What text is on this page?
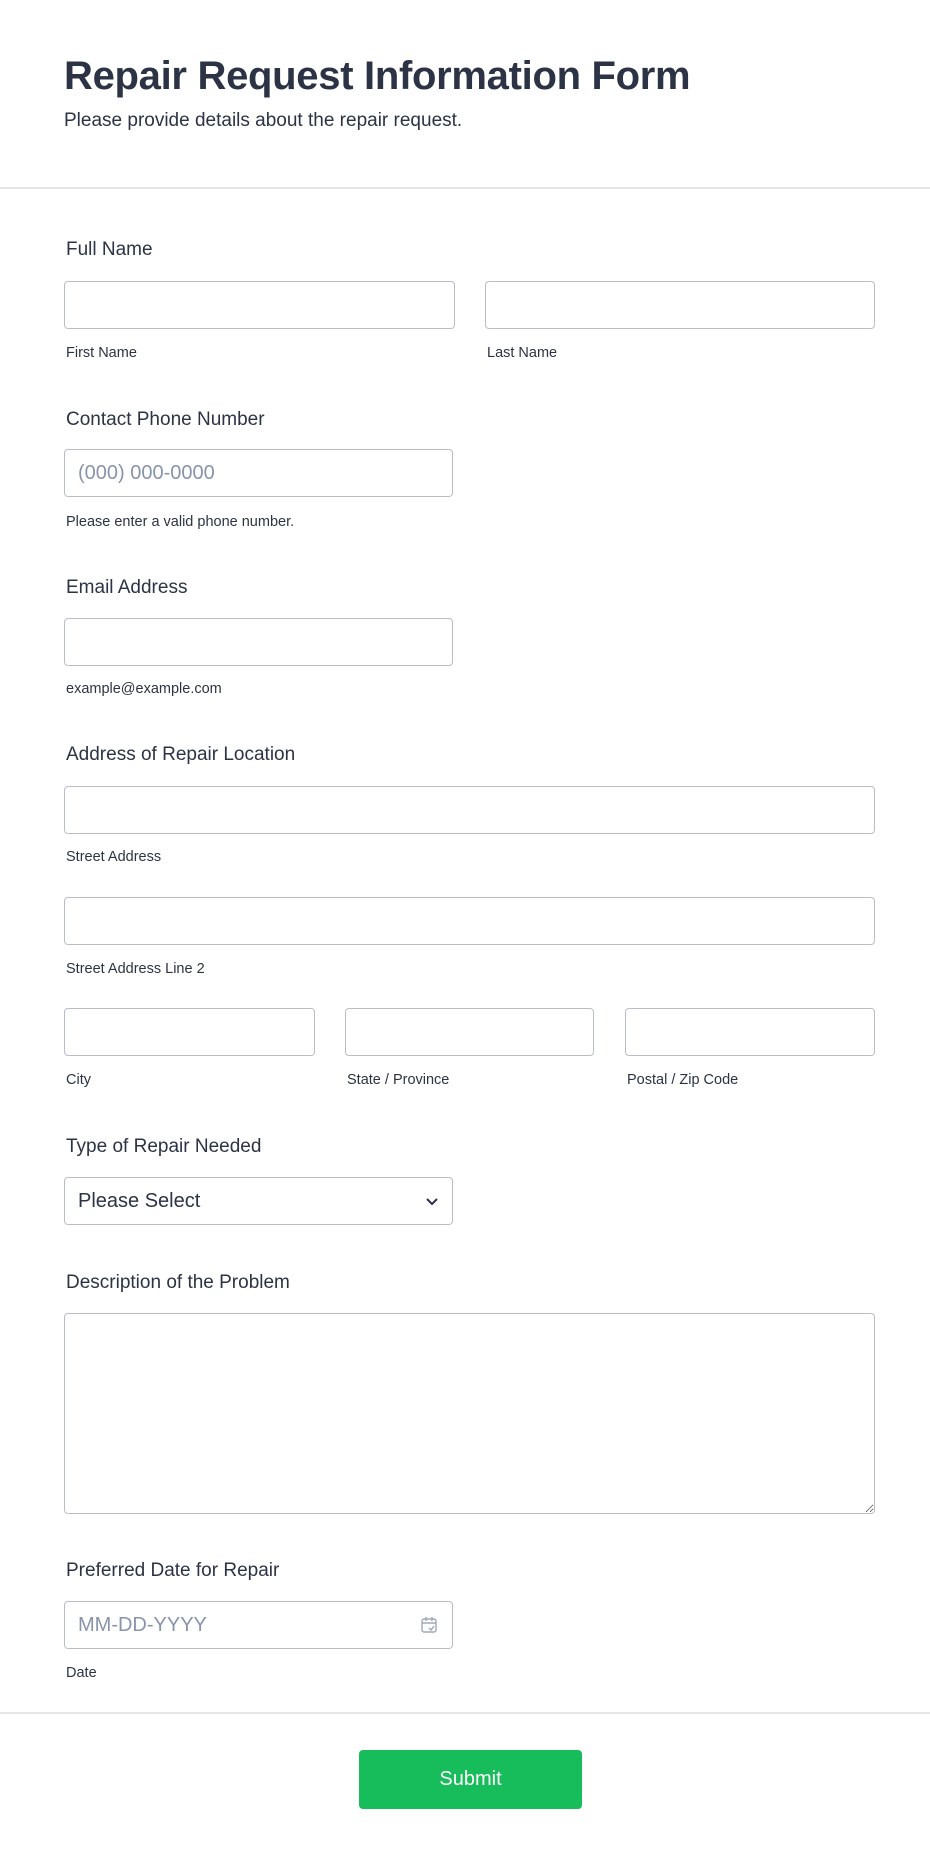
Repair Request Information Form

Please provide details about the repair request.

Full Name
First Name	Last Name
Contact Phone Number
(000) 000-0000
Please enter a valid phone number.
Email Address
example@example.com
Address of Repair Location
Street Address
Street Address Line 2
City	State / Province	Postal / Zip Code
Type of Repair Needed
Please Select
Description of the Problem
Preferred Date for Repair
MM-DD-YYYY
Date
Submit
